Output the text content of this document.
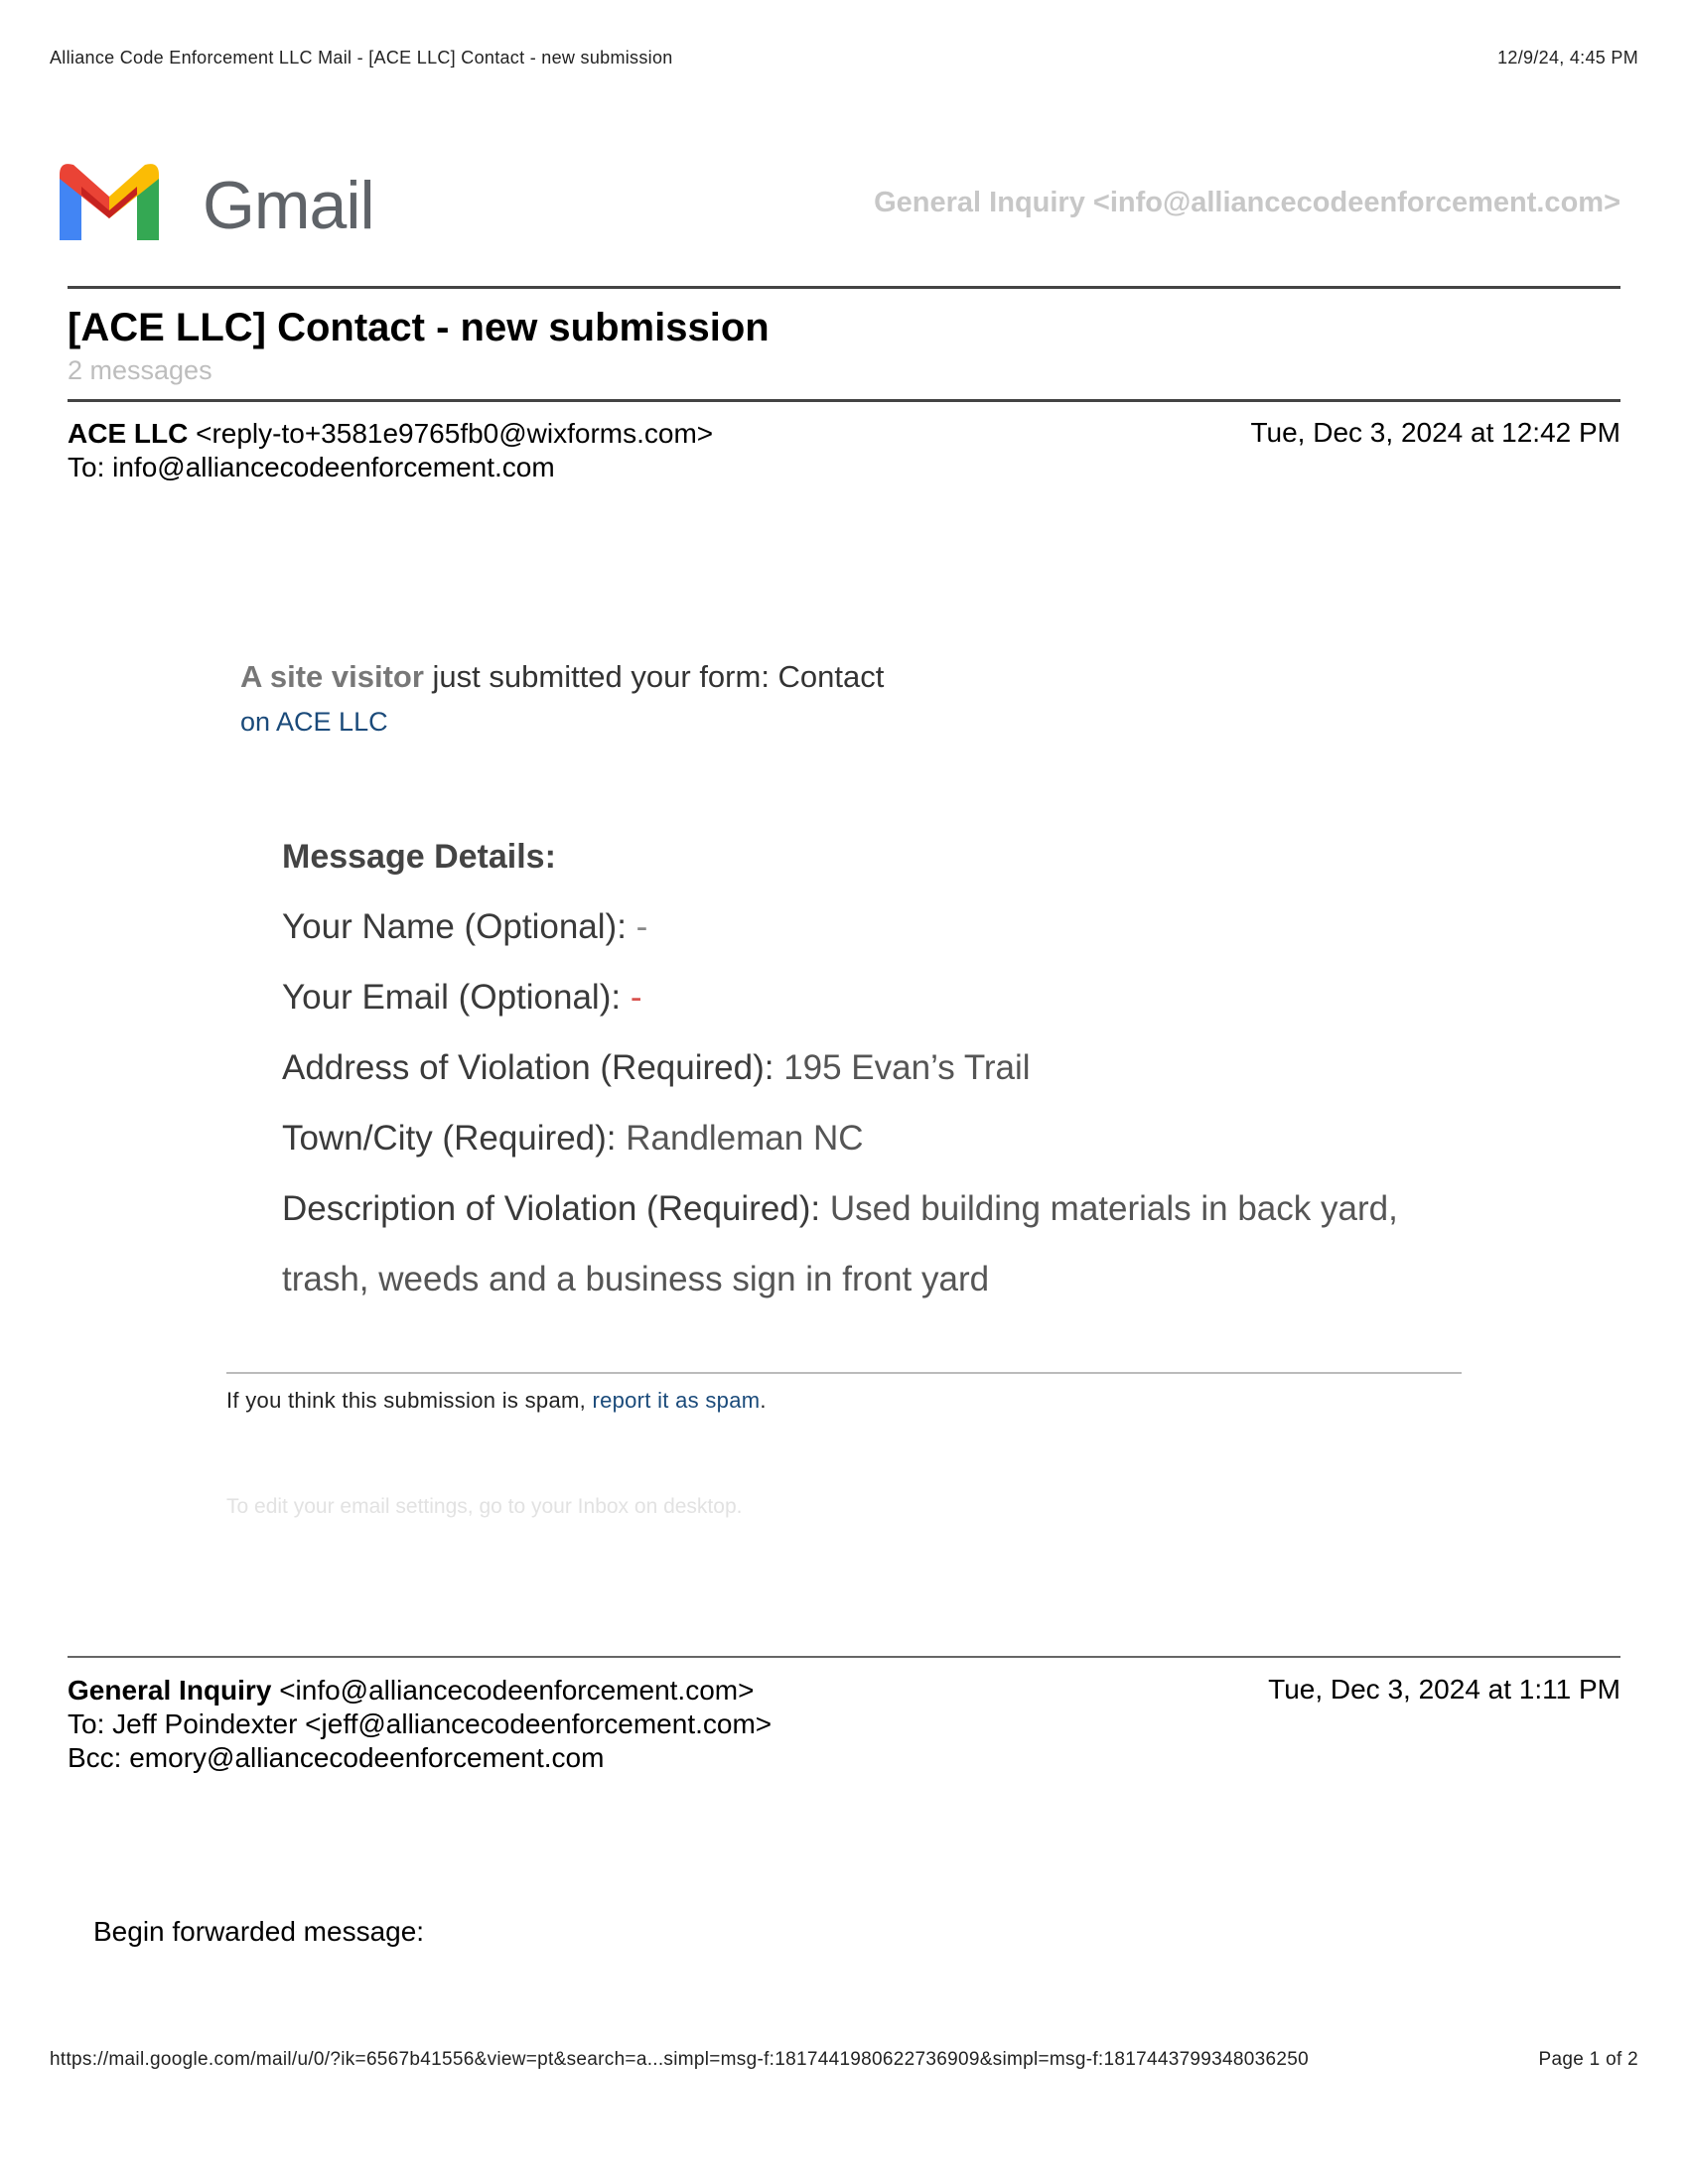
Alliance Code Enforcement LLC Mail - [ACE LLC] Contact - new submission	12/9/24, 4:45 PM
Gmail	General Inquiry <info@alliancecodeenforcement.com>
[ACE LLC] Contact - new submission
2 messages
ACE LLC <reply-to+3581e9765fb0@wixforms.com>
To: info@alliancecodeenforcement.com
Tue, Dec 3, 2024 at 12:42 PM
A site visitor just submitted your form: Contact
on ACE LLC
Message Details:
Your Name (Optional): -
Your Email (Optional): -
Address of Violation (Required): 195 Evan’s Trail
Town/City (Required): Randleman NC
Description of Violation (Required): Used building materials in back yard,
trash, weeds and a business sign in front yard
If you think this submission is spam, report it as spam.
To edit your email settings, go to your Inbox on desktop.
General Inquiry <info@alliancecodeenforcement.com>
To: Jeff Poindexter <jeff@alliancecodeenforcement.com>
Bcc: emory@alliancecodeenforcement.com
Tue, Dec 3, 2024 at 1:11 PM
Begin forwarded message:
https://mail.google.com/mail/u/0/?ik=6567b41556&view=pt&search=a...simpl=msg-f:1817441980622736909&simpl=msg-f:1817443799348036250	Page 1 of 2
